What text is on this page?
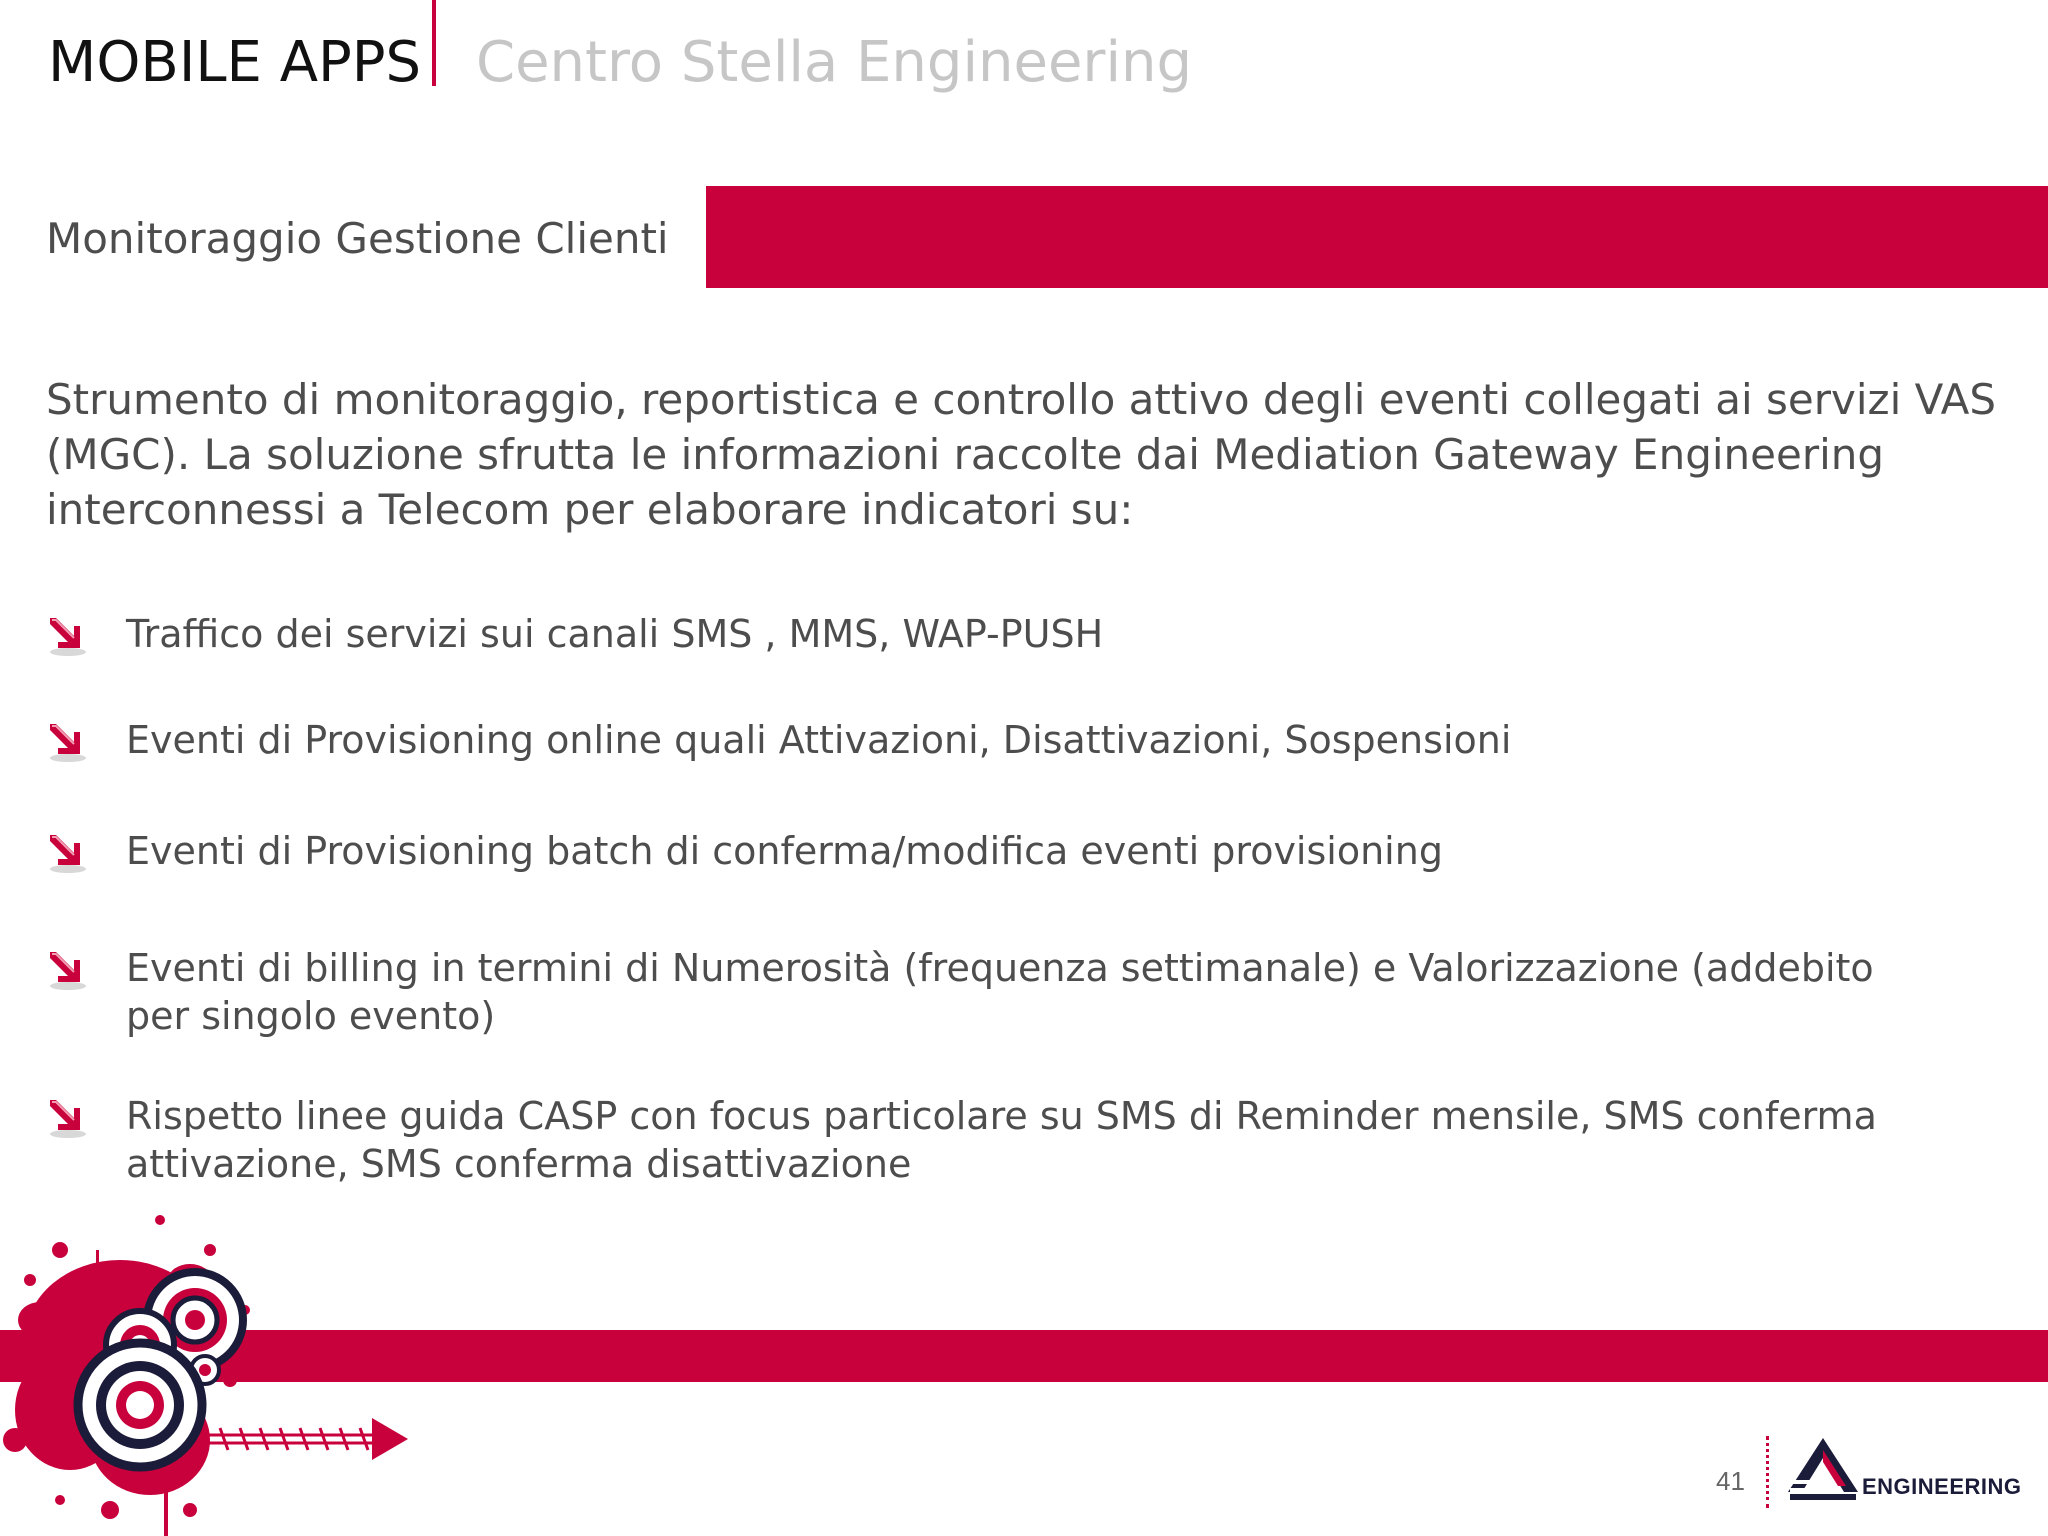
MOBILE APPS Centro Stella Engineering
Monitoraggio Gestione Clienti
Strumento di monitoraggio, reportistica e controllo attivo degli eventi collegati ai servizi VAS (MGC). La soluzione sfrutta le informazioni raccolte dai Mediation Gateway Engineering interconnessi a Telecom per elaborare indicatori su:
Traffico dei servizi sui canali SMS , MMS, WAP-PUSH
Eventi di Provisioning online quali Attivazioni, Disattivazioni, Sospensioni
Eventi di Provisioning batch di conferma/modifica eventi provisioning
Eventi di billing in termini di Numerosità (frequenza settimanale) e Valorizzazione (addebito per singolo evento)
Rispetto linee guida CASP con focus particolare su SMS di Reminder mensile, SMS conferma attivazione, SMS conferma disattivazione
41	ENGINEERING
